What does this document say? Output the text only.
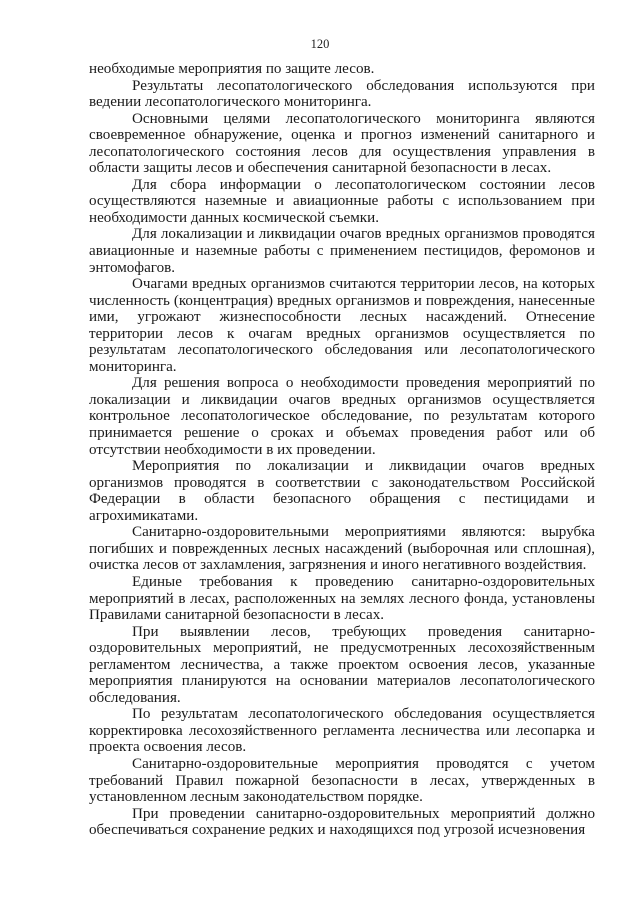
120

необходимые мероприятия по защите лесов.

Результаты лесопатологического обследования используются при ведении лесопатологического мониторинга.

Основными целями лесопатологического мониторинга являются своевременное обнаружение, оценка и прогноз изменений санитарного и лесопатологического состояния лесов для осуществления управления в области защиты лесов и обеспечения санитарной безопасности в лесах.

Для сбора информации о лесопатологическом состоянии лесов осуществляются наземные и авиационные работы с использованием при необходимости данных космической съемки.

Для локализации и ликвидации очагов вредных организмов проводятся авиационные и наземные работы с применением пестицидов, феромонов и энтомофагов.

Очагами вредных организмов считаются территории лесов, на которых численность (концентрация) вредных организмов и повреждения, нанесенные ими, угрожают жизнеспособности лесных насаждений. Отнесение территории лесов к очагам вредных организмов осуществляется по результатам лесопатологического обследования или лесопатологического мониторинга.

Для решения вопроса о необходимости проведения мероприятий по локализации и ликвидации очагов вредных организмов осуществляется контрольное лесопатологическое обследование, по результатам которого принимается решение о сроках и объемах проведения работ или об отсутствии необходимости в их проведении.

Мероприятия по локализации и ликвидации очагов вредных организмов проводятся в соответствии с законодательством Российской Федерации в области безопасного обращения с пестицидами и агрохимикатами.

Санитарно-оздоровительными мероприятиями являются: вырубка погибших и поврежденных лесных насаждений (выборочная или сплошная), очистка лесов от захламления, загрязнения и иного негативного воздействия.

Единые требования к проведению санитарно-оздоровительных мероприятий в лесах, расположенных на землях лесного фонда, установлены Правилами санитарной безопасности в лесах.

При выявлении лесов, требующих проведения санитарно-оздоровительных мероприятий, не предусмотренных лесохозяйственным регламентом лесничества, а также проектом освоения лесов, указанные мероприятия планируются на основании материалов лесопатологического обследования.

По результатам лесопатологического обследования осуществляется корректировка лесохозяйственного регламента лесничества или лесопарка и проекта освоения лесов.

Санитарно-оздоровительные мероприятия проводятся с учетом требований Правил пожарной безопасности в лесах, утвержденных в установленном лесным законодательством порядке.

При проведении санитарно-оздоровительных мероприятий должно обеспечиваться сохранение редких и находящихся под угрозой исчезновения
